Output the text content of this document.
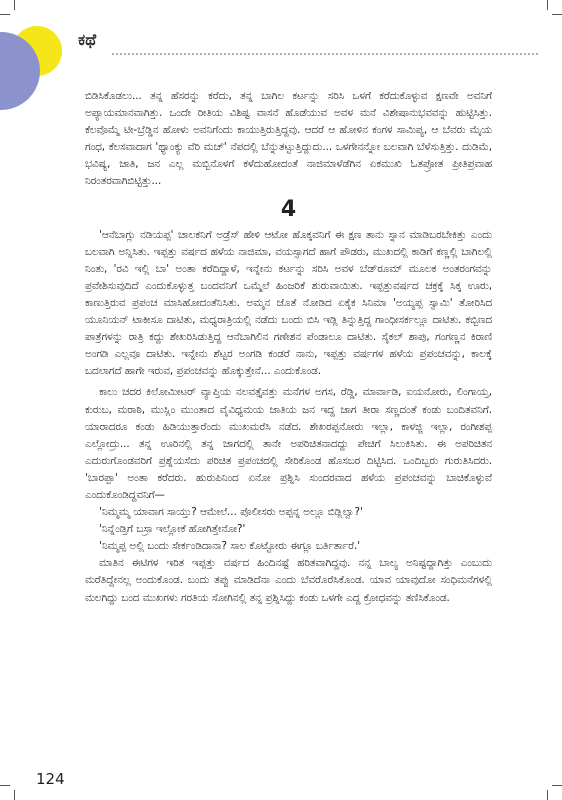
ಕಥೆ

ಬಿಡಿಸಿಕೊಡಲು... ತನ್ನ ಹೆಸರನ್ನು ಕರೆದು, ತನ್ನ ಬಾಗಿಲ ಕರ್ಟನ್ನು ಸರಿಸಿ ಒಳಗೆ ಕರೆದುಕೊಳ್ಳುವ ಕ್ಷಣವೇ ಅವನಿಗೆ ಅಪ್ಯಾಯಮಾನವಾಗಿತ್ತು. ಒಂದೇ ರೀತಿಯ ವಿಶಿಷ್ಟ ವಾಸನೆ ಹೊಡೆಯುವ ಅವಳ ಮನೆ ವಿಶೇಷಾನುಭವವನ್ನು ಹುಟ್ಟಿಸಿತ್ತು. ಕೆಲವೊಮ್ಮೆ ಟೀ-ಬ್ರೆಡ್ಡಿನ ಹೋಳು ಅವನಿಗೆಂದು ಕಾಯುತ್ತಿರುತ್ತಿದ್ದವು. ಆದರೆ ಆ ಹೋಳಿನ ಕಂಗಳ ಸಾಮಿಪ್ಯ, ಆ ಬೆವರು ಮೈಯ ಗಂಧ, ಕೆಲಸವಾದಾಗ 'ಥ್ಯಾಂಕ್ಯು ವೆರಿ ಮಚ್' ನೆಪದಲ್ಲಿ ಬೆನ್ನುತಟ್ಟುತ್ತಿದ್ದುದು... ಒಳಗೇನನ್ನೋ ಬಲವಾಗಿ ಬೆಳೆಸುತ್ತಿತ್ತು. ದುಡಿಮೆ, ಭವಿಷ್ಯ, ಜಾತಿ, ಜನ ಎಲ್ಲ ಮಬ್ಬಿನೊಳಗೆ ಕಳೆದುಹೋದಂತೆ ನಾಜಿಮಾಳೆಡೆಗಿನ ಏಕಮುಖಿ ಓತಪ್ರೋತ ಪ್ರೀತಿಪ್ರವಾಹ ನಿರಂತರವಾಗಿಬಿಟ್ಟಿತ್ತು...

4

'ಆನೆಬಾಗ್ಲು ನಡಿಯಪ್ಪ' ಚಾಲಕನಿಗೆ ಅಡ್ರೆಸ್ ಹೇಳಿ ಆಟೋ ಹೊಕ್ಕವನಿಗೆ ಈ ಕ್ಷಣ ತಾನು ಸ್ನಾನ ಮಾಡಿಬರಬೇಕಿತ್ತು ಎಂದು ಬಲವಾಗಿ ಅನ್ನಿಸಿತು. ಇಪ್ಪತ್ತು ವರ್ಷದ ಹಳೆಯ ನಾಜಿಮಾ, ವಯಸ್ಸಾಗದೆ ಹಾಗೆ ಪೌಡರು, ಮುಖದಲ್ಲಿ ಕಾಡಿಗೆ ಕಣ್ಣಲ್ಲಿ ಬಾಗಿಲಲ್ಲಿ ನಿಂತು, 'ರವಿ ಇಲ್ಲಿ ಬಾ' ಅಂತಾ ಕರೆದಿದ್ದಾಳೆ, ಇನ್ನೇನು ಕರ್ಟನ್ನು ಸರಿಸಿ ಅವಳ ಬೆಡ್‌ರೂಮ್ ಮೂಲಕ ಅಂತರಂಗವನ್ನು ಪ್ರವೇಶಿಸುವುದಿದೆ ಎಂದುಕೊಳ್ಳುತ್ತ ಬಂದವನಿಗೆ ಒಮ್ಮೆಲೆ ಹಿಂಜರಿಕೆ ಶುರುವಾಯಿತು. ಇಪ್ಪತ್ತುವರ್ಷದ ಚಕ್ರಕ್ಕೆ ಸಿಕ್ಕ ಊರು, ಕಾಣುತ್ತಿರುವ ಪ್ರಪಂಚ ಮಾಸಿಹೋದಂತೆನಿಸಿತು. ಅಮ್ಮನ ಜೊತೆ ನೋಡಿದ ಏಕೈಕ ಸಿನಿಮಾ 'ಅಯ್ಯಪ್ಪ ಸ್ವಾಮಿ' ತೋರಿಸಿದ ಯೂನಿಯನ್ ಟಾಕೀಸೂ ದಾಟಿತು, ಮಧ್ಯರಾತ್ರಿಯಲ್ಲಿ ನಡೆದು ಬಂದು ಬಿಸಿ ಇಡ್ಲಿ ತಿನ್ನುತ್ತಿದ್ದ ಗಾಂಧೀಸರ್ಕಲ್ಲೂ ದಾಟಿತು. ಕಬ್ಬಿಣದ ಪಾತ್ರೆಗಳನ್ನು ರಾತ್ರಿ ಕದ್ದು ಶೇಖರಿಸಿಡುತ್ತಿದ್ದ ಆನೆಬಾಗಿಲಿನ ಗಣೇಶನ ಪೆಂಡಾಲೂ ದಾಟಿತು. ಸೈಕಲ್ ಶಾಪು, ಗಂಗಣ್ಣನ ಕಿರಾಣಿ ಅಂಗಡಿ ಎಲ್ಲವೂ ದಾಟಿತು. ಇನ್ನೇನು ಶೆಟ್ಟರ ಅಂಗಡಿ ಕಂಡರೆ ನಾನು, ಇಪ್ಪತ್ತು ವರ್ಷಗಳ ಹಳೆಯ ಪ್ರಪಂಚವನ್ನು, ಕಾಲಕ್ಕೆ ಬದಲಾಗದೆ ಹಾಗೇ ಇರುವ, ಪ್ರಪಂಚವನ್ನು ಹೊಕ್ಕುತ್ತೇನೆ... ಎಂದುಕೊಂಡ.

ಕಾಲು ಚದರ ಕಿಲೋಮೀಟರ್ ವ್ಯಾಪ್ತಿಯ ನಲವತ್ತೈವತ್ತು ಮನೆಗಳ ಅಗಸ, ರೆಡ್ಡಿ, ಮಾರ್ವಾಡಿ, ಐಯನೋರು, ಲಿಂಗಾಯ್ತ, ಕುರುಬ, ಮರಾಠಿ, ಮುಸ್ಲಿಂ ಮುಂತಾದ ವೈವಿಧ್ಯಮಯ ಜಾತಿಯ ಜನ ಇದ್ದ ಜಾಗ ತೀರಾ ಸಣ್ಣದಂತೆ ಕಂಡು ಬಂದಿತವನಿಗೆ. ಯಾರಾದರೂ ಕಂಡು ಹಿಡಿಯುತ್ತಾರೆಂದು ಮುಖಮರೆಸಿ ನಡೆದ. ಶೇಖರಪ್ಪನೋರು ಇಲ್ಲಾ, ಕಾಳಜ್ಜಿ ಇಲ್ಲಾ, ರಂಗೀಶಪ್ಪ ಎಲ್ಲೋದ್ರು... ತನ್ನ ಊರಿನಲ್ಲಿ ತನ್ನ ಜಾಗದಲ್ಲಿ ತಾನೇ ಅಪರಿಚಿತನಾದದ್ದು ಪೇಚಿಗೆ ಸಿಲುಕಿಸಿತು. ಈ ಅಪರಿಚಿತನ ಎದುರುಗೊಂಡವರಿಗೆ ಪ್ರಶ್ನೆಯಸೆದು ಪರಿಚಿತ ಪ್ರಪಂಚದಲ್ಲಿ ಸೇರಿಕೊಂಡ ಹೊಸಬರ ದಿಟ್ಟಿಸಿದ. ಒಂದಿಬ್ಬರು ಗುರುತಿಸಿದರು. 'ಬಾರಪ್ಪಾ' ಅಂತಾ ಕರೆದರು. ಹುರುಪಿನಿಂದ ಏನೋ ಪ್ರಶ್ನಿಸಿ ಸುಂದರವಾದ ಹಳೆಯ ಪ್ರಪಂಚವನ್ನು ಬಾಚಿಕೊಳ್ಳುವೆ ಎಂದುಕೊಂಡಿದ್ದವನಿಗೆ—

'ನಿಮ್ಮಮ್ಮ ಯಾವಾಗ ಸಾಯ್ತು? ಆಮೇಲೆ... ಪೊಲೀಸರು ಅಪ್ಪನ್ನ ಅಲ್ಲೂ ಬಿಡ್ಲಿಲ್ವಾ?'

'ನಿನ್ನೆಂಡ್ತಿಗೆ ಬಸ್ರಾ ಇಲ್ಲೋಕೆ ಹೋಗಿತ್ತೇನೋ?'

'ನಿಮ್ಮಪ್ಪ ಅಲ್ಲಿ ಬಂದು ಸೇರ್ಕಂಡಿದಾನಾ? ಸಾಲ ಕೊಟ್ಟೋರು ಈಗ್ಲೂ ಬರ್ತಿರ್ತಾರೆ.'

ಮಾತಿನ ಈಟಿಗಳ ಇರಿತ ಇಪ್ಪತ್ತು ವರ್ಷದ ಹಿಂದಿನಷ್ಟೆ ಹರಿತವಾಗಿದ್ದವು. ನನ್ನ ಬಾಲ್ಯ ಅನಿಷ್ಟದ್ದಾಗಿತ್ತು ಎಂಬುದು ಮರೆತಿದ್ದೇನಲ್ಲ ಅಂದುಕೊಂಡ. ಬಂದು ತಪ್ಪು ಮಾಡಿದೆನಾ ಎಂದು ಬೆವರೊರೆಸಿಕೊಂಡ. ಯಾವ ಯಾವುದೋ ಸಂಧಿಮನೆಗಳಲ್ಲಿ ಮಲಗಿದ್ದು ಬಂದ ಮುಖಗಳು ಗರತಿಯ ಸೋಗಿನಲ್ಲಿ ತನ್ನ ಪ್ರಶ್ನಿಸಿದ್ದು ಕಂಡು ಒಳಗೇ ಎದ್ದ ಕ್ರೋಧವನ್ನು ತಣಿಸಿಕೊಂಡ.

124
